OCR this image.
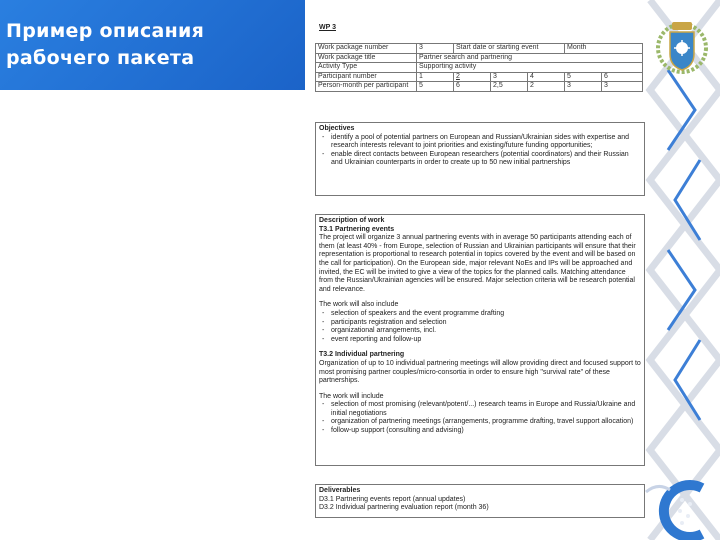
Пример описания
рабочего пакета
WP 3
Work package number	3	Start date or starting event			Month	
Work package title	Partner search and partnering					
Activity Type	Supporting activity					
Participant number	1	2	3	4	5	6
Person-month per participant	5	6	2,5	2	3	3
Objectives
- identify a pool of potential partners on European and Russian/Ukrainian sides with expertise and research interests relevant to joint priorities and existing/future funding opportunities;
- enable direct contacts between European researchers (potential coordinators) and their Russian and Ukrainian counterparts in order to create up to 50 new initial partnerships
Description of work
T3.1 Partnering events
The project will organize 3 annual partnering events with in average 50 participants attending each of them (at least 40% - from Europe, selection of Russian and Ukrainian participants will ensure that their representation is proportional to research potential in topics covered by the event and will be based on the call for participation). On the European side, major relevant NoEs and IPs will be approached and invited, the EC will be invited to give a view of the topics for the planned calls. Matching attendance from the Russian/Ukrainian agencies will be ensured. Major selection criteria will be research potential and relevance.
The work will also include
- selection of speakers and the event programme drafting
- participants registration and selection
- organizational arrangements, incl.
- event reporting and follow-up
T3.2 Individual partnering
Organization of up to 10 individual partnering meetings will allow providing direct and focused support to most promising partner couples/micro-consortia in order to ensure high "survival rate" of these partnerships.
The work will include
- selection of most promising (relevant/potent/...) research teams in Europe and Russia/Ukraine and initial negotiations
- organization of partnering meetings (arrangements, programme drafting, travel support allocation)
- follow-up support (consulting and advising)
Deliverables
D3.1 Partnering events report (annual updates)
D3.2 Individual partnering evaluation report (month 36)
